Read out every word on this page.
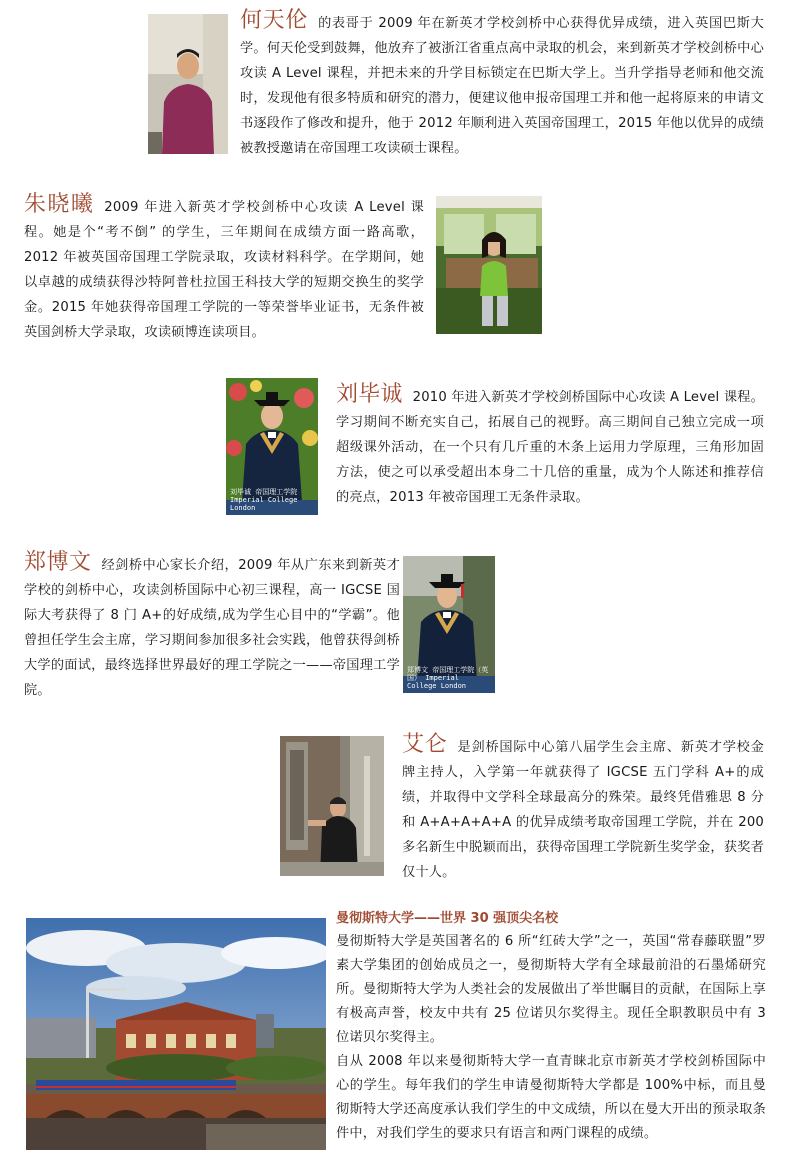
何天伦 的表哥于 2009 年在新英才学校剑桥中心获得优异成绩，进入英国巴斯大学。何天伦受到鼓舞，他放弃了被浙江省重点高中录取的机会，来到新英才学校剑桥中心攻读 A Level 课程，并把未来的升学目标锁定在巴斯大学上。当升学指导老师和他交流时，发现他有很多特质和研究的潜力，便建议他申报帝国理工并和他一起将原来的申请文书逐段作了修改和提升，他于 2012 年顺利进入英国帝国理工，2015 年他以优异的成绩被教授邀请在帝国理工攻读硕士课程。
朱晓曦 2009 年进入新英才学校剑桥中心攻读 A Level 课程。她是个“考不倒” 的学生，三年期间在成绩方面一路高歌，2012 年被英国帝国理工学院录取，攻读材料科学。在学期间，她以卓越的成绩获得沙特阿普杜拉国王科技大学的短期交换生的奖学金。2015 年她获得帝国理工学院的一等荣誉毕业证书，无条件被英国剑桥大学录取，攻读硕博连读项目。
刘毕诚 帝国理工学院 Imperial College London
刘毕诚 2010 年进入新英才学校剑桥国际中心攻读 A Level 课程。学习期间不断充实自己，拓展自己的视野。高三期间自己独立完成一项超级课外活动，在一个只有几斤重的木条上运用力学原理，三角形加固方法，使之可以承受超出本身二十几倍的重量，成为个人陈述和推荐信的亮点，2013 年被帝国理工无条件录取。
郑博文 经剑桥中心家长介绍，2009 年从广东来到新英才学校的剑桥中心，攻读剑桥国际中心初三课程，高一 IGCSE 国际大考获得了 8 门 A+的好成绩,成为学生心目中的“学霸”。他曾担任学生会主席，学习期间参加很多社会实践，他曾获得剑桥大学的面试，最终选择世界最好的理工学院之一——帝国理工学院。
郑博文 帝国理工学院（英国） Imperial College London
艾仑 是剑桥国际中心第八届学生会主席、新英才学校金牌主持人，入学第一年就获得了 IGCSE 五门学科 A+的成绩，并取得中文学科全球最高分的殊荣。最终凭借雅思 8 分和 A+A+A+A+A 的优异成绩考取帝国理工学院，并在 200 多名新生中脱颖而出，获得帝国理工学院新生奖学金，获奖者仅十人。
曼彻斯特大学——世界 30 强顶尖名校
曼彻斯特大学是英国著名的 6 所“红砖大学”之一，英国“常春藤联盟”罗素大学集团的创始成员之一，曼彻斯特大学有全球最前沿的石墨烯研究所。曼彻斯特大学为人类社会的发展做出了举世瞩目的贡献，在国际上享有极高声誉，校友中共有 25 位诺贝尔奖得主。现任全职教职员中有 3 位诺贝尔奖得主。
自从 2008 年以来曼彻斯特大学一直青睐北京市新英才学校剑桥国际中心的学生。每年我们的学生申请曼彻斯特大学都是 100%中标，而且曼彻斯特大学还高度承认我们学生的中文成绩，所以在曼大开出的预录取条件中，对我们学生的要求只有语言和两门课程的成绩。
